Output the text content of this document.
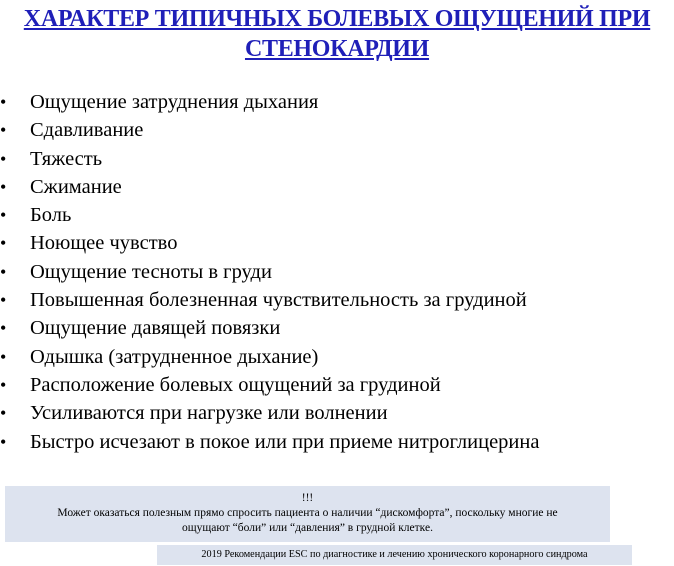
ХАРАКТЕР ТИПИЧНЫХ БОЛЕВЫХ ОЩУЩЕНИЙ ПРИ
СТЕНОКАРДИИ
• Ощущение затруднения дыхания
• Сдавливание
• Тяжесть
• Сжимание
• Боль
• Ноющее чувство
• Ощущение тесноты в груди
• Повышенная болезненная чувствительность за грудиной
• Ощущение давящей повязки
• Одышка (затрудненное дыхание)
• Расположение болевых ощущений за грудиной
• Усиливаются при нагрузке или волнении
• Быстро исчезают в покое или при приеме нитроглицерина
!!!
Может оказаться полезным прямо спросить пациента о наличии “дискомфорта”, поскольку многие не
ощущают “боли” или “давления” в грудной клетке.
2019 Рекомендации ESC по диагностике и лечению хронического коронарного синдрома
